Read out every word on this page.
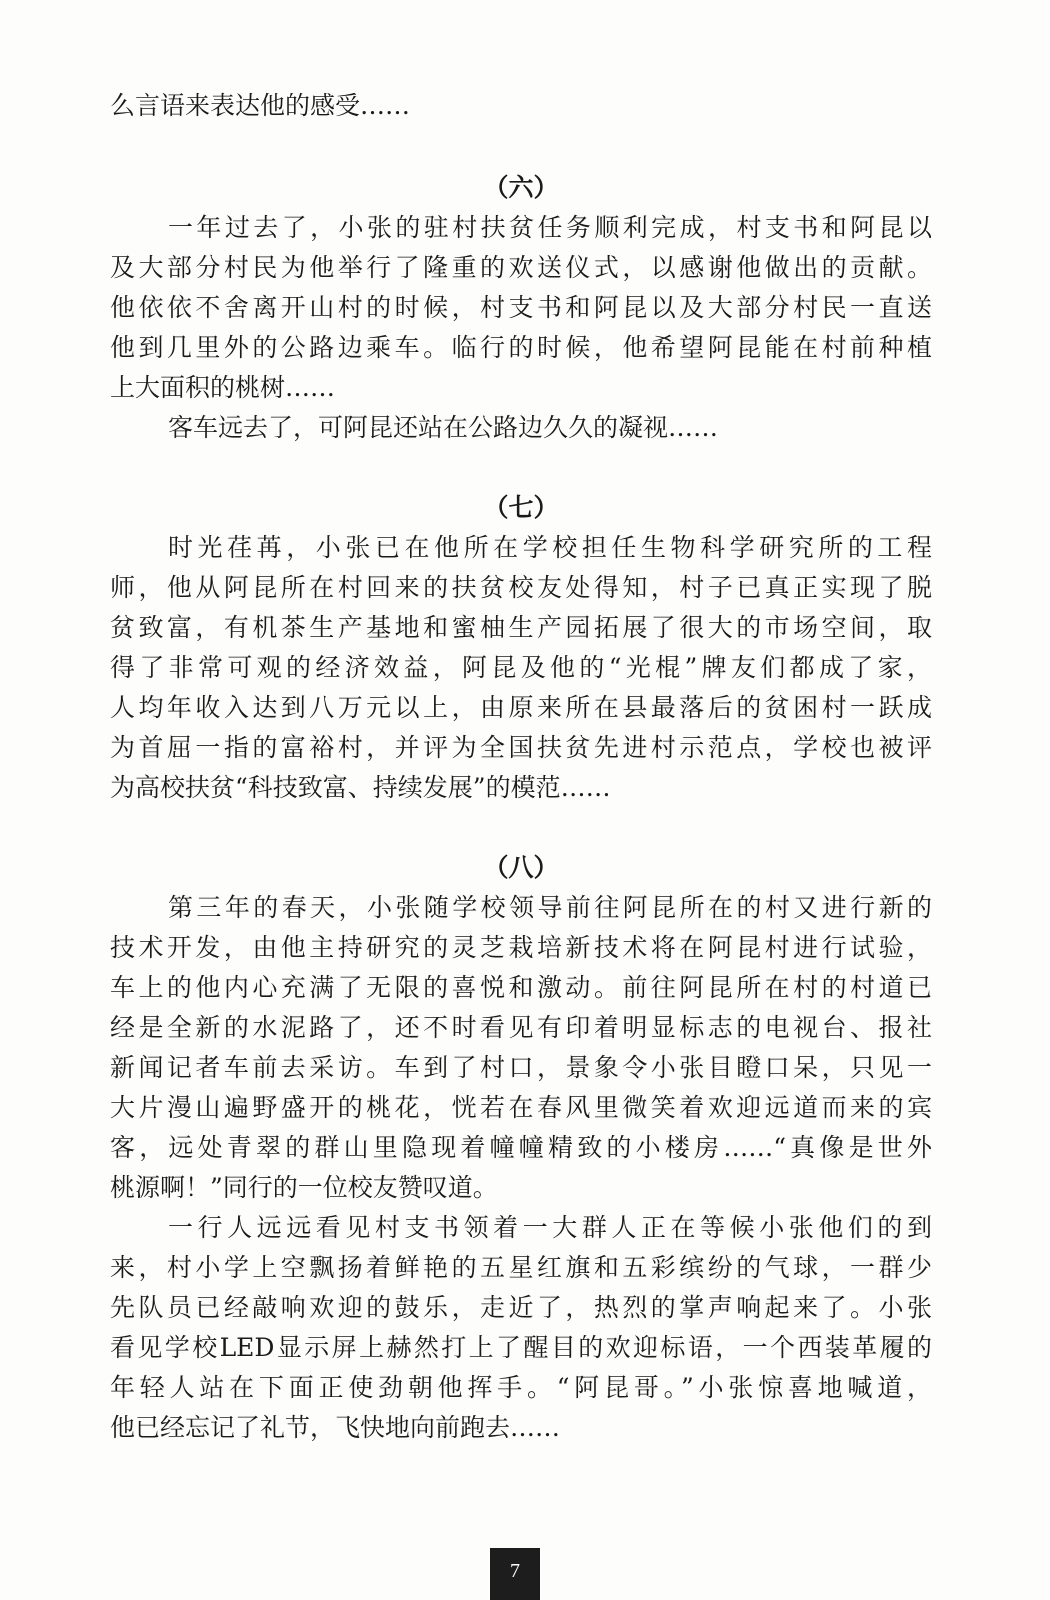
么言语来表达他的感受……
（六）
一年过去了，小张的驻村扶贫任务顺利完成，村支书和阿昆以
及大部分村民为他举行了隆重的欢送仪式，以感谢他做出的贡献。
他依依不舍离开山村的时候，村支书和阿昆以及大部分村民一直送
他到几里外的公路边乘车。临行的时候，他希望阿昆能在村前种植
上大面积的桃树……
客车远去了，可阿昆还站在公路边久久的凝视……
（七）
时光荏苒，小张已在他所在学校担任生物科学研究所的工程
师，他从阿昆所在村回来的扶贫校友处得知，村子已真正实现了脱
贫致富，有机茶生产基地和蜜柚生产园拓展了很大的市场空间，取
得了非常可观的经济效益，阿昆及他的“光棍”牌友们都成了家，
人均年收入达到八万元以上，由原来所在县最落后的贫困村一跃成
为首屈一指的富裕村，并评为全国扶贫先进村示范点，学校也被评
为高校扶贫“科技致富、持续发展”的模范……
（八）
第三年的春天，小张随学校领导前往阿昆所在的村又进行新的
技术开发，由他主持研究的灵芝栽培新技术将在阿昆村进行试验，
车上的他内心充满了无限的喜悦和激动。前往阿昆所在村的村道已
经是全新的水泥路了，还不时看见有印着明显标志的电视台、报社
新闻记者车前去采访。车到了村口，景象令小张目瞪口呆，只见一
大片漫山遍野盛开的桃花，恍若在春风里微笑着欢迎远道而来的宾
客，远处青翠的群山里隐现着幢幢精致的小楼房……“真像是世外
桃源啊！”同行的一位校友赞叹道。
一行人远远看见村支书领着一大群人正在等候小张他们的到
来，村小学上空飘扬着鲜艳的五星红旗和五彩缤纷的气球，一群少
先队员已经敲响欢迎的鼓乐，走近了，热烈的掌声响起来了。小张
看见学校LED显示屏上赫然打上了醒目的欢迎标语，一个西装革履的
年轻人站在下面正使劲朝他挥手。“阿昆哥。”小张惊喜地喊道，
他已经忘记了礼节，飞快地向前跑去……
7
